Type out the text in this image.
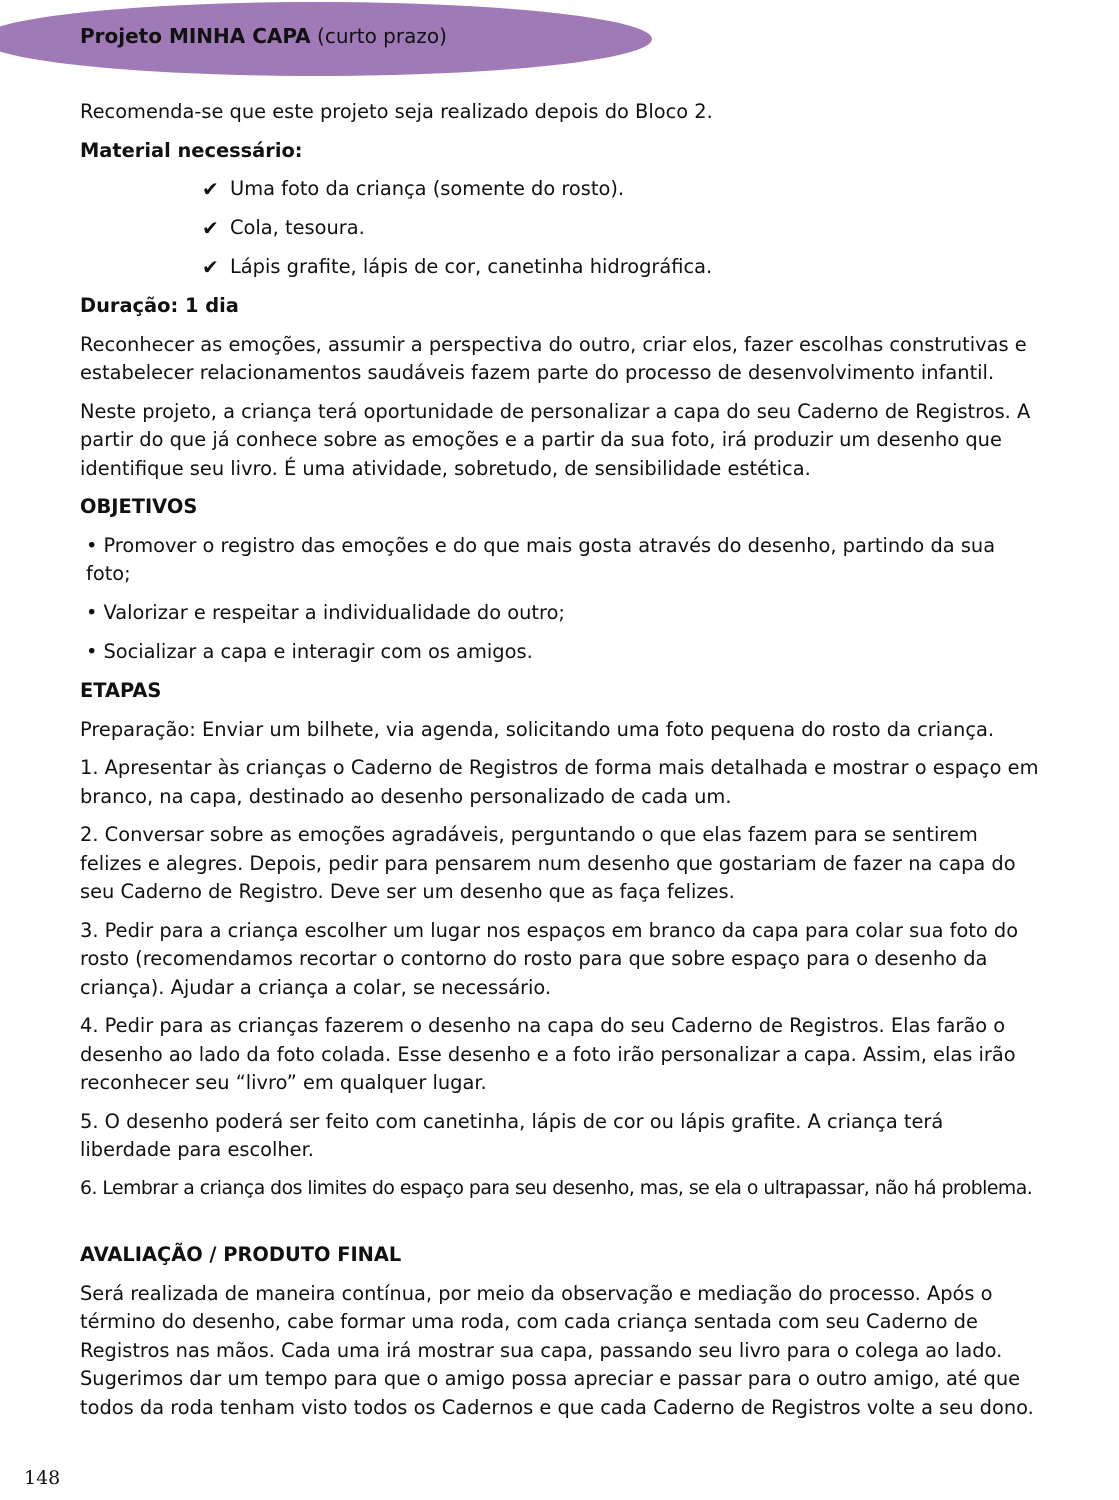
Projeto MINHA CAPA (curto prazo)

Recomenda-se que este projeto seja realizado depois do Bloco 2.

Material necessário:
✔ Uma foto da criança (somente do rosto).
✔ Cola, tesoura.
✔ Lápis grafite, lápis de cor, canetinha hidrográfica.
Duração: 1 dia

Reconhecer as emoções, assumir a perspectiva do outro, criar elos, fazer escolhas construtivas e estabelecer relacionamentos saudáveis fazem parte do processo de desenvolvimento infantil.

Neste projeto, a criança terá oportunidade de personalizar a capa do seu Caderno de Registros. A partir do que já conhece sobre as emoções e a partir da sua foto, irá produzir um desenho que identifique seu livro. É uma atividade, sobretudo, de sensibilidade estética.

OBJETIVOS
• Promover o registro das emoções e do que mais gosta através do desenho, partindo da sua foto;
• Valorizar e respeitar a individualidade do outro;
• Socializar a capa e interagir com os amigos.
ETAPAS

Preparação: Enviar um bilhete, via agenda, solicitando uma foto pequena do rosto da criança.

1. Apresentar às crianças o Caderno de Registros de forma mais detalhada e mostrar o espaço em branco, na capa, destinado ao desenho personalizado de cada um.

2. Conversar sobre as emoções agradáveis, perguntando o que elas fazem para se sentirem felizes e alegres. Depois, pedir para pensarem num desenho que gostariam de fazer na capa do seu Caderno de Registro. Deve ser um desenho que as faça felizes.

3. Pedir para a criança escolher um lugar nos espaços em branco da capa para colar sua foto do rosto (recomendamos recortar o contorno do rosto para que sobre espaço para o desenho da criança). Ajudar a criança a colar, se necessário.

4. Pedir para as crianças fazerem o desenho na capa do seu Caderno de Registros. Elas farão o desenho ao lado da foto colada. Esse desenho e a foto irão personalizar a capa. Assim, elas irão reconhecer seu “livro” em qualquer lugar.

5. O desenho poderá ser feito com canetinha, lápis de cor ou lápis grafite. A criança terá liberdade para escolher.

6. Lembrar a criança dos limites do espaço para seu desenho, mas, se ela o ultrapassar, não há problema.

AVALIAÇÃO / PRODUTO FINAL

Será realizada de maneira contínua, por meio da observação e mediação do processo. Após o término do desenho, cabe formar uma roda, com cada criança sentada com seu Caderno de Registros nas mãos. Cada uma irá mostrar sua capa, passando seu livro para o colega ao lado. Sugerimos dar um tempo para que o amigo possa apreciar e passar para o outro amigo, até que todos da roda tenham visto todos os Cadernos e que cada Caderno de Registros volte a seu dono.

148
